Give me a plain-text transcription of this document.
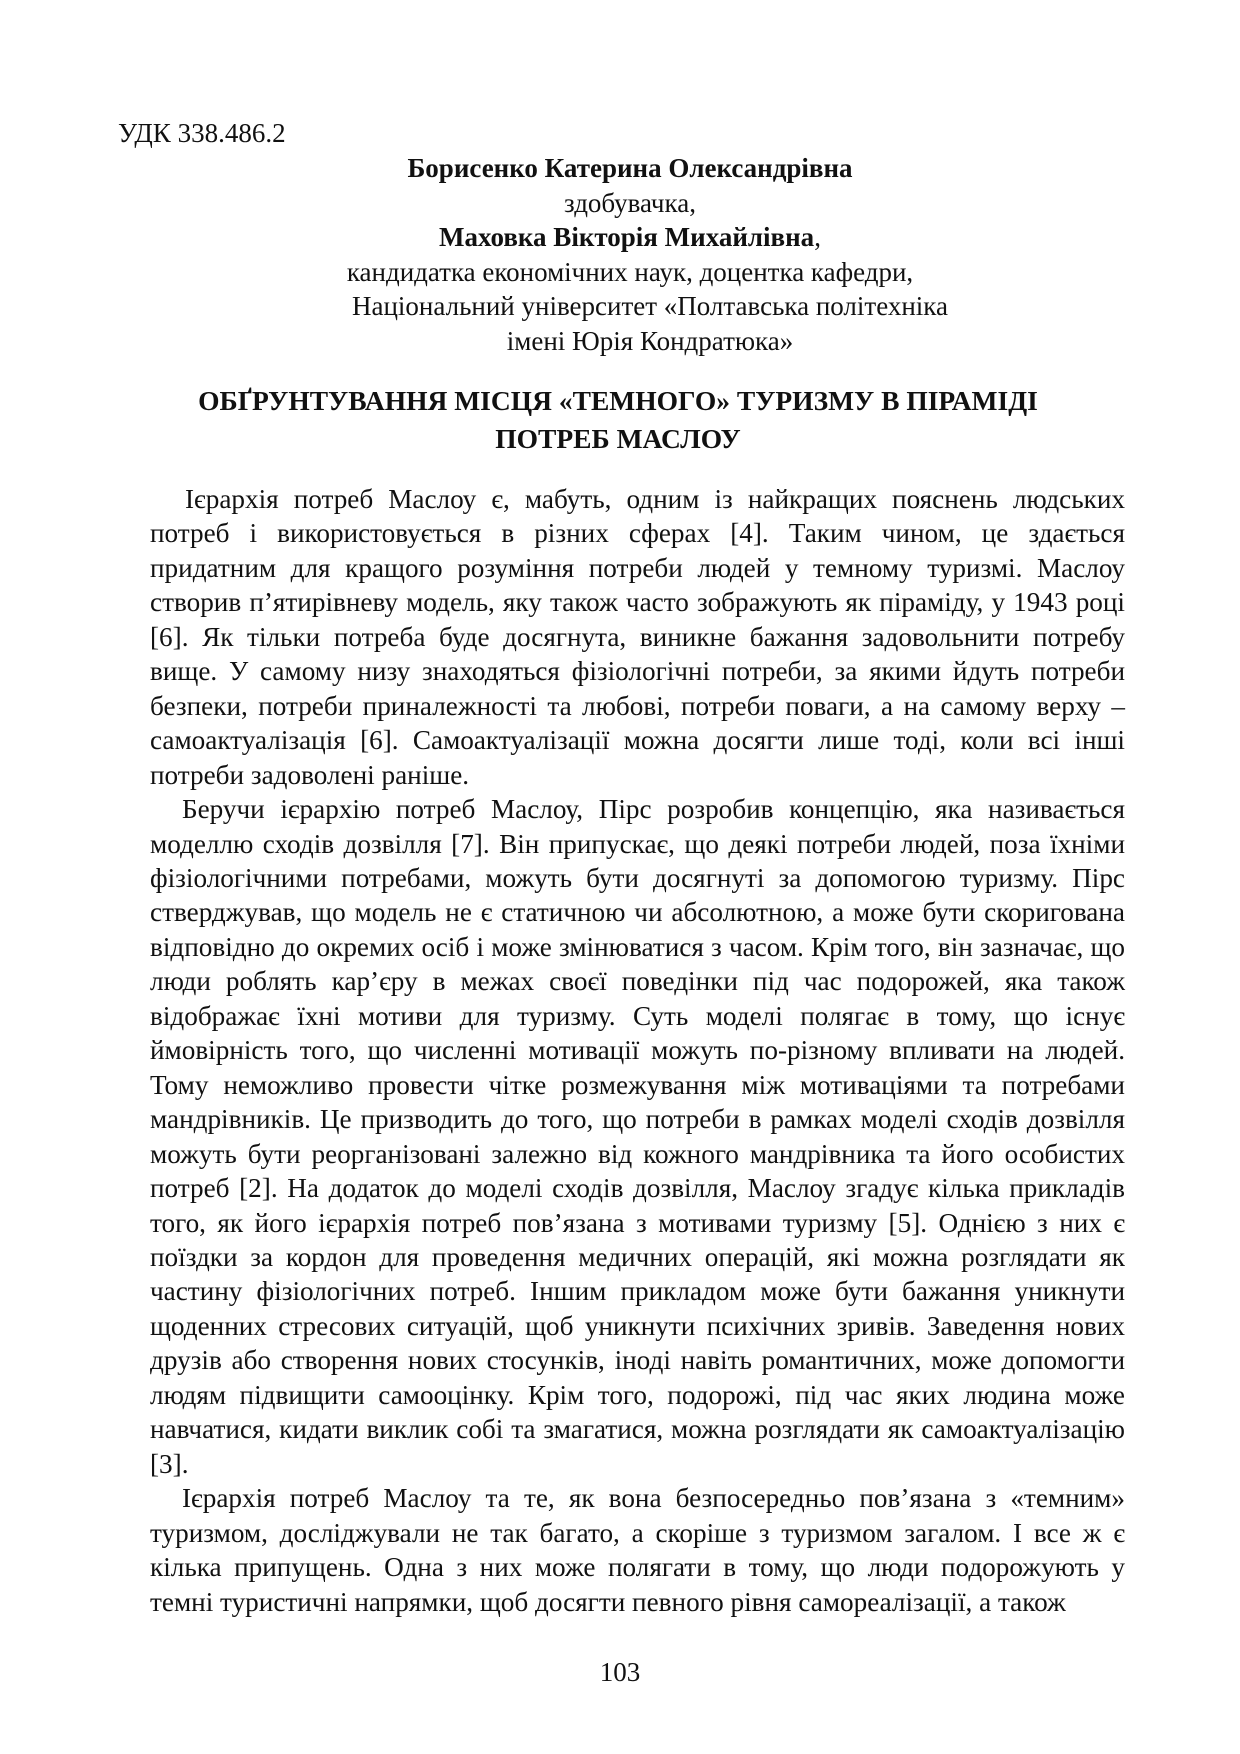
УДК 338.486.2
Борисенко Катерина Олександрівна
здобувачка,
Маховка Вікторія Михайлівна,
кандидатка економічних наук, доцентка кафедри,
Національний університет «Полтавська політехніка
імені Юрія Кондратюка»
ОБҐРУНТУВАННЯ МІСЦЯ «ТЕМНОГО» ТУРИЗМУ В ПІРАМІДІ
ПОТРЕБ МАСЛОУ

Ієрархія потреб Маслоу є, мабуть, одним із найкращих пояснень людських потреб і використовується в різних сферах [4]. Таким чином, це здається придатним для кращого розуміння потреби людей у темному туризмі. Маслоу створив п’ятирівневу модель, яку також часто зображують як піраміду, у 1943 році [6]. Як тільки потреба буде досягнута, виникне бажання задовольнити потребу вище. У самому низу знаходяться фізіологічні потреби, за якими йдуть потреби безпеки, потреби приналежності та любові, потреби поваги, а на самому верху – самоактуалізація [6]. Самоактуалізації можна досягти лише тоді, коли всі інші потреби задоволені раніше.

Беручи ієрархію потреб Маслоу, Пірс розробив концепцію, яка називається моделлю сходів дозвілля [7]. Він припускає, що деякі потреби людей, поза їхніми фізіологічними потребами, можуть бути досягнуті за допомогою туризму. Пірс стверджував, що модель не є статичною чи абсолютною, а може бути скоригована відповідно до окремих осіб і може змінюватися з часом. Крім того, він зазначає, що люди роблять кар’єру в межах своєї поведінки під час подорожей, яка також відображає їхні мотиви для туризму. Суть моделі полягає в тому, що існує ймовірність того, що численні мотивації можуть по-різному впливати на людей. Тому неможливо провести чітке розмежування між мотиваціями та потребами мандрівників. Це призводить до того, що потреби в рамках моделі сходів дозвілля можуть бути реорганізовані залежно від кожного мандрівника та його особистих потреб [2]. На додаток до моделі сходів дозвілля, Маслоу згадує кілька прикладів того, як його ієрархія потреб пов’язана з мотивами туризму [5]. Однією з них є поїздки за кордон для проведення медичних операцій, які можна розглядати як частину фізіологічних потреб. Іншим прикладом може бути бажання уникнути щоденних стресових ситуацій, щоб уникнути психічних зривів. Заведення нових друзів або створення нових стосунків, іноді навіть романтичних, може допомогти людям підвищити самооцінку. Крім того, подорожі, під час яких людина може навчатися, кидати виклик собі та змагатися, можна розглядати як самоактуалізацію [3].

Ієрархія потреб Маслоу та те, як вона безпосередньо пов’язана з «темним» туризмом, досліджували не так багато, а скоріше з туризмом загалом. І все ж є кілька припущень. Одна з них може полягати в тому, що люди подорожують у темні туристичні напрямки, щоб досягти певного рівня самореалізації, а також

103
